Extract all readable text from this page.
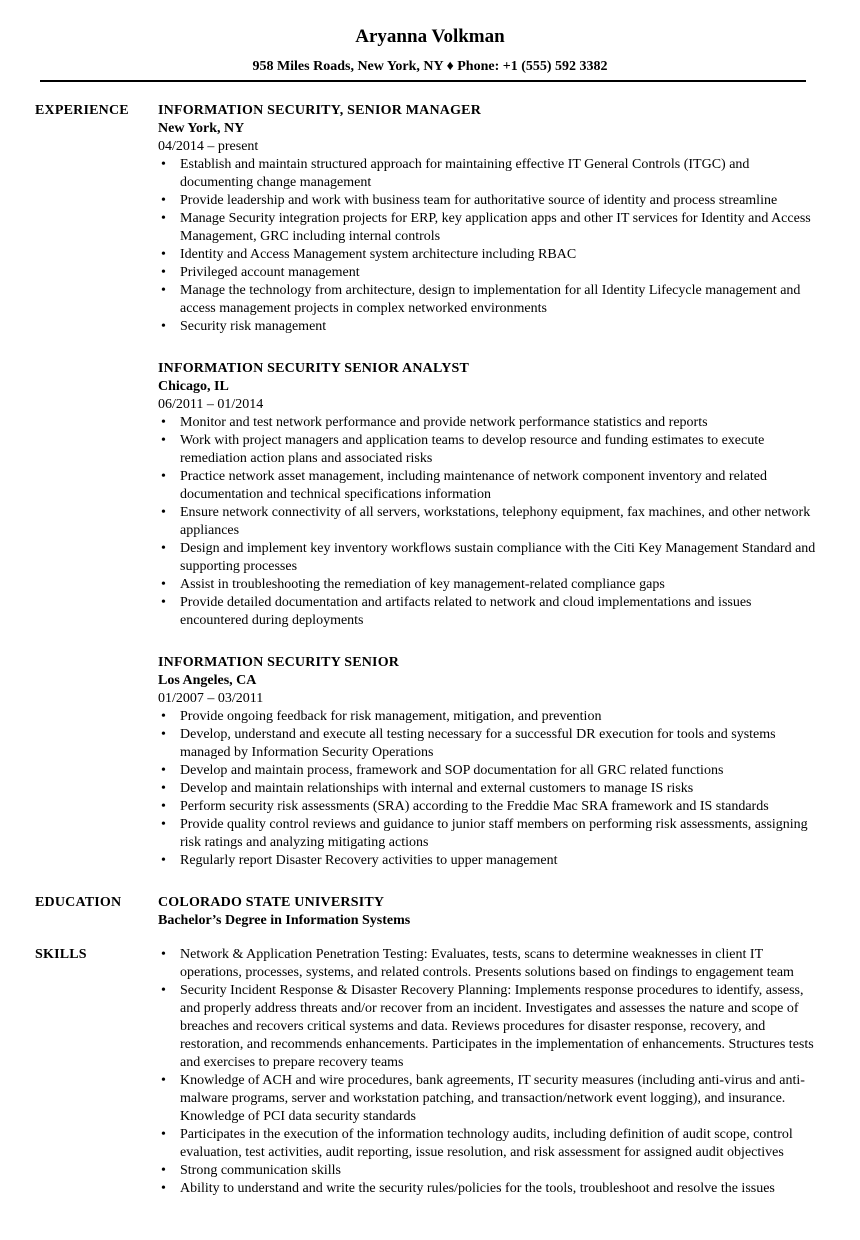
Aryanna Volkman
958 Miles Roads, New York, NY ♦ Phone: +1 (555) 592 3382
EXPERIENCE INFORMATION SECURITY, SENIOR MANAGER
New York, NY
04/2014 – present
• Establish and maintain structured approach for maintaining effective IT General Controls (ITGC) and documenting change management
• Provide leadership and work with business team for authoritative source of identity and process streamline
• Manage Security integration projects for ERP, key application apps and other IT services for Identity and Access Management, GRC including internal controls
• Identity and Access Management system architecture including RBAC
• Privileged account management
• Manage the technology from architecture, design to implementation for all Identity Lifecycle management and access management projects in complex networked environments
• Security risk management
INFORMATION SECURITY SENIOR ANALYST
Chicago, IL
06/2011 – 01/2014
• Monitor and test network performance and provide network performance statistics and reports
• Work with project managers and application teams to develop resource and funding estimates to execute remediation action plans and associated risks
• Practice network asset management, including maintenance of network component inventory and related documentation and technical specifications information
• Ensure network connectivity of all servers, workstations, telephony equipment, fax machines, and other network appliances
• Design and implement key inventory workflows sustain compliance with the Citi Key Management Standard and supporting processes
• Assist in troubleshooting the remediation of key management-related compliance gaps
• Provide detailed documentation and artifacts related to network and cloud implementations and issues encountered during deployments
INFORMATION SECURITY SENIOR
Los Angeles, CA
01/2007 – 03/2011
• Provide ongoing feedback for risk management, mitigation, and prevention
• Develop, understand and execute all testing necessary for a successful DR execution for tools and systems managed by Information Security Operations
• Develop and maintain process, framework and SOP documentation for all GRC related functions
• Develop and maintain relationships with internal and external customers to manage IS risks
• Perform security risk assessments (SRA) according to the Freddie Mac SRA framework and IS standards
• Provide quality control reviews and guidance to junior staff members on performing risk assessments, assigning risk ratings and analyzing mitigating actions
• Regularly report Disaster Recovery activities to upper management
EDUCATION	COLORADO STATE UNIVERSITY
Bachelor’s Degree in Information Systems
SKILLS	• Network & Application Penetration Testing: Evaluates, tests, scans to determine weaknesses in client IT operations, processes, systems, and related controls. Presents solutions based on findings to engagement team
• Security Incident Response & Disaster Recovery Planning: Implements response procedures to identify, assess, and properly address threats and/or recover from an incident. Investigates and assesses the nature and scope of breaches and recovers critical systems and data. Reviews procedures for disaster response, recovery, and restoration, and recommends enhancements. Participates in the implementation of enhancements. Structures tests and exercises to prepare recovery teams
• Knowledge of ACH and wire procedures, bank agreements, IT security measures (including anti-virus and anti-malware programs, server and workstation patching, and transaction/network event logging), and insurance. Knowledge of PCI data security standards
• Participates in the execution of the information technology audits, including definition of audit scope, control evaluation, test activities, audit reporting, issue resolution, and risk assessment for assigned audit objectives
• Strong communication skills
• Ability to understand and write the security rules/policies for the tools, troubleshoot and resolve the issues
